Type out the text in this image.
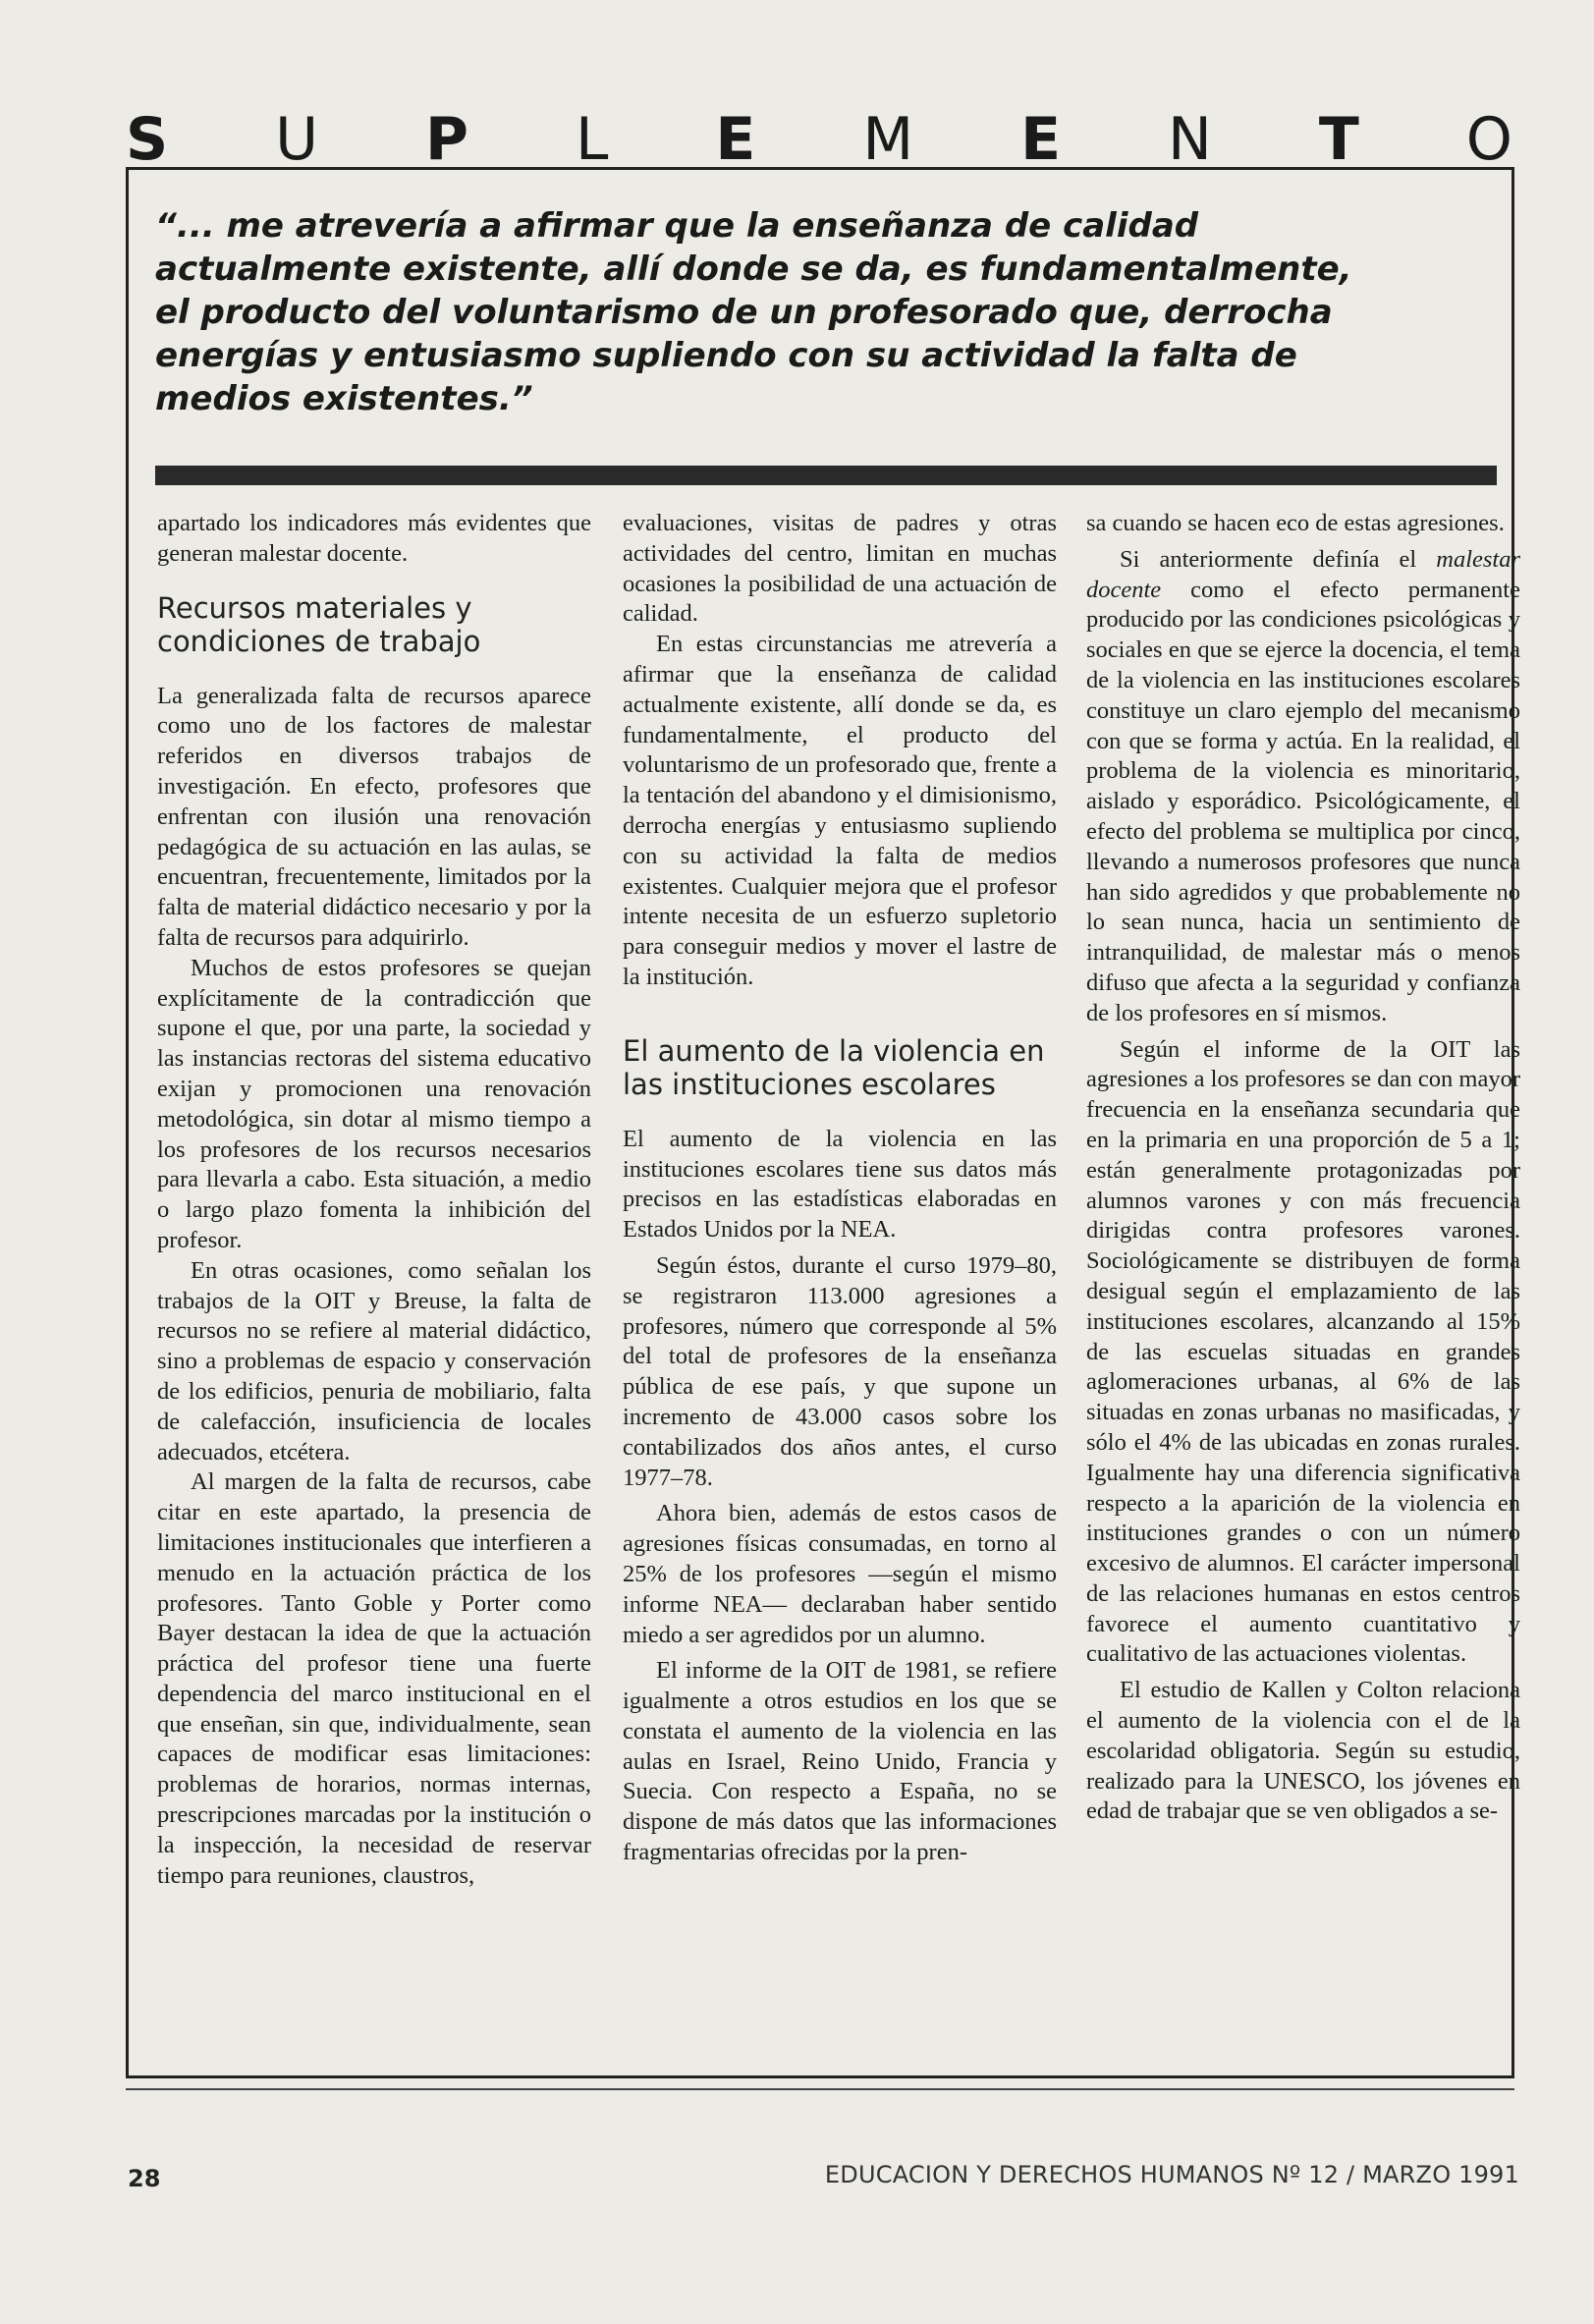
S U P L E M E N T O
“... me atrevería a afirmar que la enseñanza de calidad actualmente existente, allí donde se da, es fundamentalmente, el producto del voluntarismo de un profesorado que, derrocha energías y entusiasmo supliendo con su actividad la falta de medios existentes.”

apartado los indicadores más evidentes que generan malestar docente.

Recursos materiales y condiciones de trabajo

La generalizada falta de recursos aparece como uno de los factores de malestar referidos en diversos trabajos de investigación. En efecto, profesores que enfrentan con ilusión una renovación pedagógica de su actuación en las aulas, se encuentran, frecuentemente, limitados por la falta de material didáctico necesario y por la falta de recursos para adquirirlo.

Muchos de estos profesores se quejan explícitamente de la contradicción que supone el que, por una parte, la sociedad y las instancias rectoras del sistema educativo exijan y promocionen una renovación metodológica, sin dotar al mismo tiempo a los profesores de los recursos necesarios para llevarla a cabo. Esta situación, a medio o largo plazo fomenta la inhibición del profesor.

En otras ocasiones, como señalan los trabajos de la OIT y Breuse, la falta de recursos no se refiere al material didáctico, sino a problemas de espacio y conservación de los edificios, penuria de mobiliario, falta de calefacción, insuficiencia de locales adecuados, etcétera.

Al margen de la falta de recursos, cabe citar en este apartado, la presencia de limitaciones institucionales que interfieren a menudo en la actuación práctica de los profesores. Tanto Goble y Porter como Bayer destacan la idea de que la actuación práctica del profesor tiene una fuerte dependencia del marco institucional en el que enseñan, sin que, individualmente, sean capaces de modificar esas limitaciones: problemas de horarios, normas internas, prescripciones marcadas por la institución o la inspección, la necesidad de reservar tiempo para reuniones, claustros,

evaluaciones, visitas de padres y otras actividades del centro, limitan en muchas ocasiones la posibilidad de una actuación de calidad.

En estas circunstancias me atrevería a afirmar que la enseñanza de calidad actualmente existente, allí donde se da, es fundamentalmente, el producto del voluntarismo de un profesorado que, frente a la tentación del abandono y el dimisionismo, derrocha energías y entusiasmo supliendo con su actividad la falta de medios existentes. Cualquier mejora que el profesor intente necesita de un esfuerzo supletorio para conseguir medios y mover el lastre de la institución.

El aumento de la violencia en las instituciones escolares

El aumento de la violencia en las instituciones escolares tiene sus datos más precisos en las estadísticas elaboradas en Estados Unidos por la NEA.

Según éstos, durante el curso 1979–80, se registraron 113.000 agresiones a profesores, número que corresponde al 5% del total de profesores de la enseñanza pública de ese país, y que supone un incremento de 43.000 casos sobre los contabilizados dos años antes, el curso 1977–78.

Ahora bien, además de estos casos de agresiones físicas consumadas, en torno al 25% de los profesores —según el mismo informe NEA— declaraban haber sentido miedo a ser agredidos por un alumno.

El informe de la OIT de 1981, se refiere igualmente a otros estudios en los que se constata el aumento de la violencia en las aulas en Israel, Reino Unido, Francia y Suecia. Con respecto a España, no se dispone de más datos que las informaciones fragmentarias ofrecidas por la pren-

sa cuando se hacen eco de estas agresiones.

Si anteriormente definía el malestar docente como el efecto permanente producido por las condiciones psicológicas y sociales en que se ejerce la docencia, el tema de la violencia en las instituciones escolares constituye un claro ejemplo del mecanismo con que se forma y actúa. En la realidad, el problema de la violencia es minoritario, aislado y esporádico. Psicológicamente, el efecto del problema se multiplica por cinco, llevando a numerosos profesores que nunca han sido agredidos y que probablemente no lo sean nunca, hacia un sentimiento de intranquilidad, de malestar más o menos difuso que afecta a la seguridad y confianza de los profesores en sí mismos.

Según el informe de la OIT las agresiones a los profesores se dan con mayor frecuencia en la enseñanza secundaria que en la primaria en una proporción de 5 a 1; están generalmente protagonizadas por alumnos varones y con más frecuencia dirigidas contra profesores varones. Sociológicamente se distribuyen de forma desigual según el emplazamiento de las instituciones escolares, alcanzando al 15% de las escuelas situadas en grandes aglomeraciones urbanas, al 6% de las situadas en zonas urbanas no masificadas, y sólo el 4% de las ubicadas en zonas rurales. Igualmente hay una diferencia significativa respecto a la aparición de la violencia en instituciones grandes o con un número excesivo de alumnos. El carácter impersonal de las relaciones humanas en estos centros favorece el aumento cuantitativo y cualitativo de las actuaciones violentas.

El estudio de Kallen y Colton relaciona el aumento de la violencia con el de la escolaridad obligatoria. Según su estudio, realizado para la UNESCO, los jóvenes en edad de trabajar que se ven obligados a se-

28	EDUCACION Y DERECHOS HUMANOS Nº 12 / MARZO 1991
